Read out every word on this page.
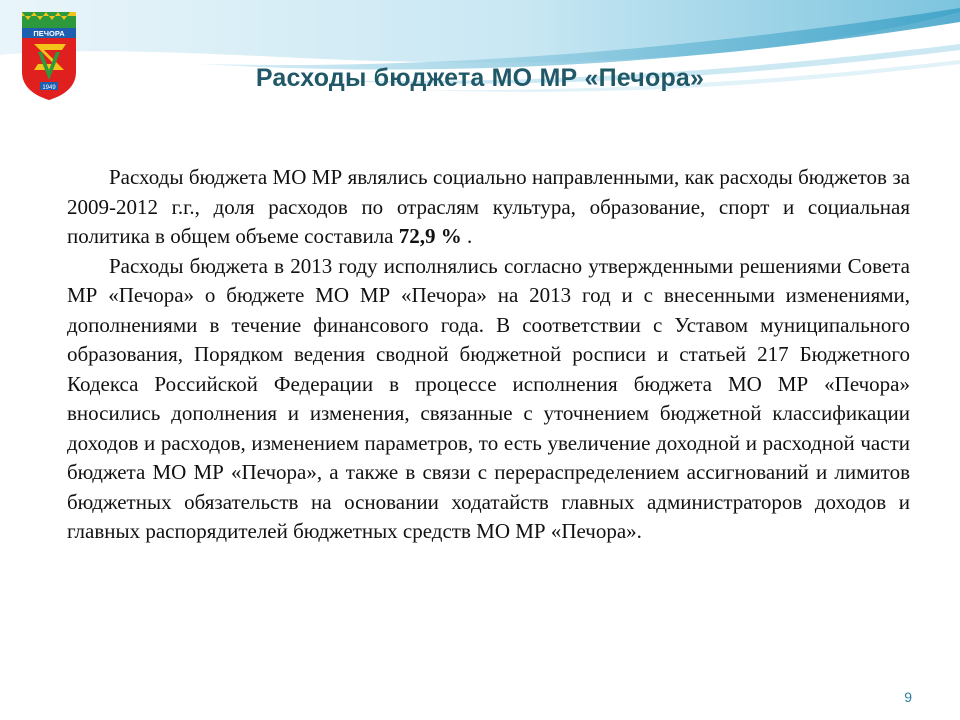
ПЕЧОРА
1949	Расходы бюджета МО МР «Печора»

Расходы бюджета МО МР являлись социально направленными, как расходы бюджетов за 2009-2012 г.г., доля расходов по отраслям культура, образование, спорт и социальная политика в общем объеме составила 72,9 % .

Расходы бюджета в 2013 году исполнялись согласно утвержденными решениями Совета МР «Печора» о бюджете МО МР «Печора» на 2013 год и с внесенными изменениями, дополнениями в течение финансового года. В соответствии с Уставом муниципального образования, Порядком ведения сводной бюджетной росписи и статьей 217 Бюджетного Кодекса Российской Федерации в процессе исполнения бюджета МО МР «Печора» вносились дополнения и изменения, связанные с уточнением бюджетной классификации доходов и расходов, изменением параметров, то есть увеличение доходной и расходной части бюджета МО МР «Печора», а также в связи с перераспределением ассигнований и лимитов бюджетных обязательств на основании ходатайств главных администраторов доходов и главных распорядителей бюджетных средств МО МР «Печора».

9
